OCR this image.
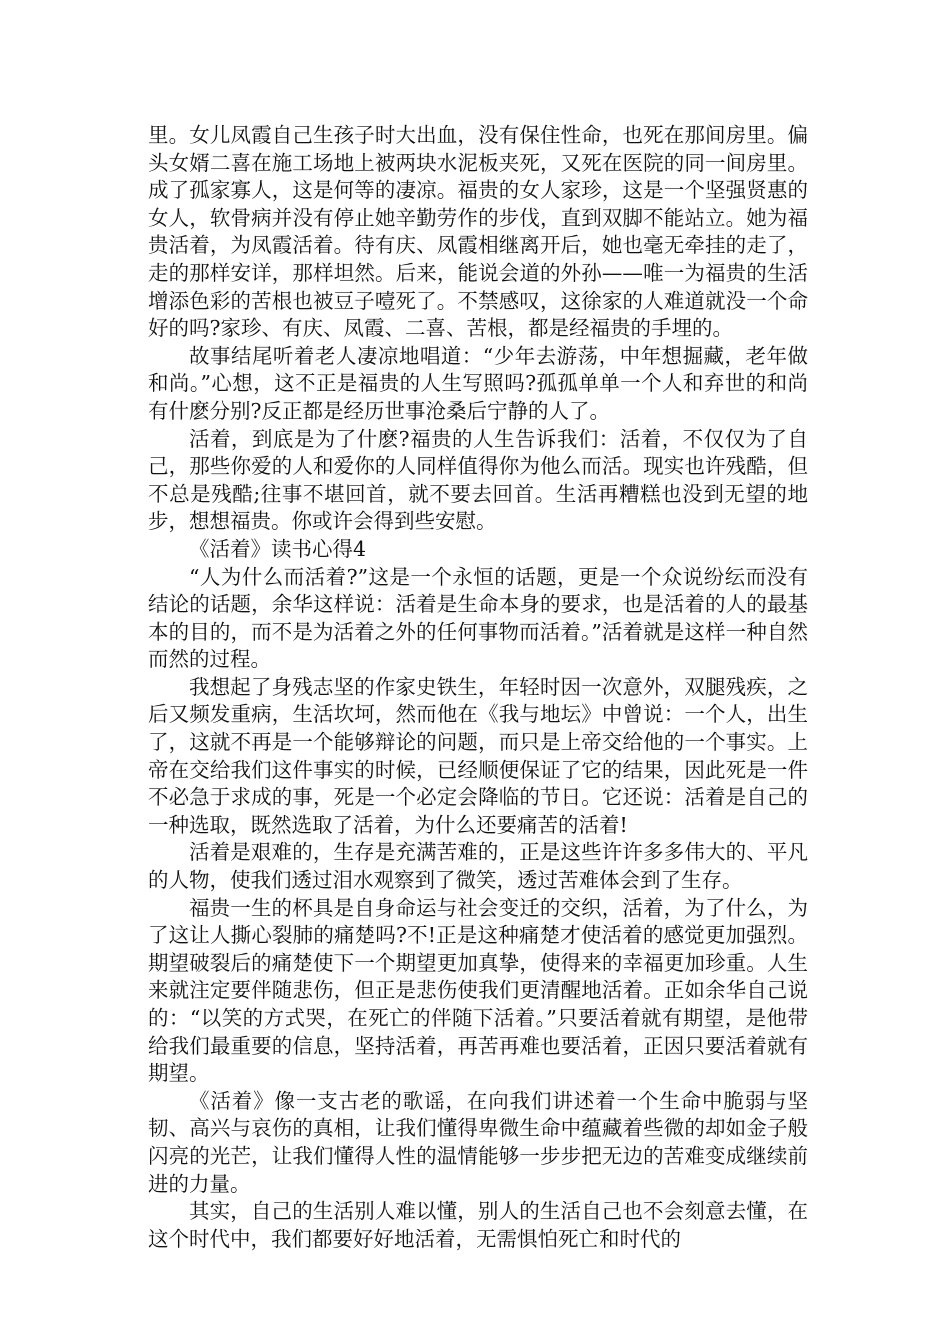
里。女儿凤霞自己生孩子时大出血，没有保住性命，也死在那间房里。偏头女婿二喜在施工场地上被两块水泥板夹死，又死在医院的同一间房里。成了孤家寡人，这是何等的凄凉。福贵的女人家珍，这是一个坚强贤惠的女人，软骨病并没有停止她辛勤劳作的步伐，直到双脚不能站立。她为福贵活着，为凤霞活着。待有庆、凤霞相继离开后，她也毫无牵挂的走了，走的那样安详，那样坦然。后来，能说会道的外孙——唯一为福贵的生活增添色彩的苦根也被豆子噎死了。不禁感叹，这徐家的人难道就没一个命好的吗?家珍、有庆、凤霞、二喜、苦根，都是经福贵的手埋的。

故事结尾听着老人凄凉地唱道：“少年去游荡，中年想掘藏，老年做和尚。”心想，这不正是福贵的人生写照吗?孤孤单单一个人和弃世的和尚有什麽分别?反正都是经历世事沧桑后宁静的人了。

活着，到底是为了什麽?福贵的人生告诉我们：活着，不仅仅为了自己，那些你爱的人和爱你的人同样值得你为他么而活。现实也许残酷，但不总是残酷;往事不堪回首，就不要去回首。生活再糟糕也没到无望的地步，想想福贵。你或许会得到些安慰。

《活着》读书心得4

“人为什么而活着?”这是一个永恒的话题，更是一个众说纷纭而没有结论的话题，余华这样说：活着是生命本身的要求，也是活着的人的最基本的目的，而不是为活着之外的任何事物而活着。”活着就是这样一种自然而然的过程。

我想起了身残志坚的作家史铁生，年轻时因一次意外，双腿残疾，之后又频发重病，生活坎坷，然而他在《我与地坛》中曾说：一个人，出生了，这就不再是一个能够辩论的问题，而只是上帝交给他的一个事实。上帝在交给我们这件事实的时候，已经顺便保证了它的结果，因此死是一件不必急于求成的事，死是一个必定会降临的节日。它还说：活着是自己的一种选取，既然选取了活着，为什么还要痛苦的活着!

活着是艰难的，生存是充满苦难的，正是这些许许多多伟大的、平凡的人物，使我们透过泪水观察到了微笑，透过苦难体会到了生存。

福贵一生的杯具是自身命运与社会变迁的交织，活着，为了什么，为了这让人撕心裂肺的痛楚吗?不!正是这种痛楚才使活着的感觉更加强烈。期望破裂后的痛楚使下一个期望更加真挚，使得来的幸福更加珍重。人生来就注定要伴随悲伤，但正是悲伤使我们更清醒地活着。正如余华自己说的：“以笑的方式哭，在死亡的伴随下活着。”只要活着就有期望，是他带给我们最重要的信息，坚持活着，再苦再难也要活着，正因只要活着就有期望。

《活着》像一支古老的歌谣，在向我们讲述着一个生命中脆弱与坚韧、高兴与哀伤的真相，让我们懂得卑微生命中蕴藏着些微的却如金子般闪亮的光芒，让我们懂得人性的温情能够一步步把无边的苦难变成继续前进的力量。

其实，自己的生活别人难以懂，别人的生活自己也不会刻意去懂，在这个时代中，我们都要好好地活着，无需惧怕死亡和时代的
